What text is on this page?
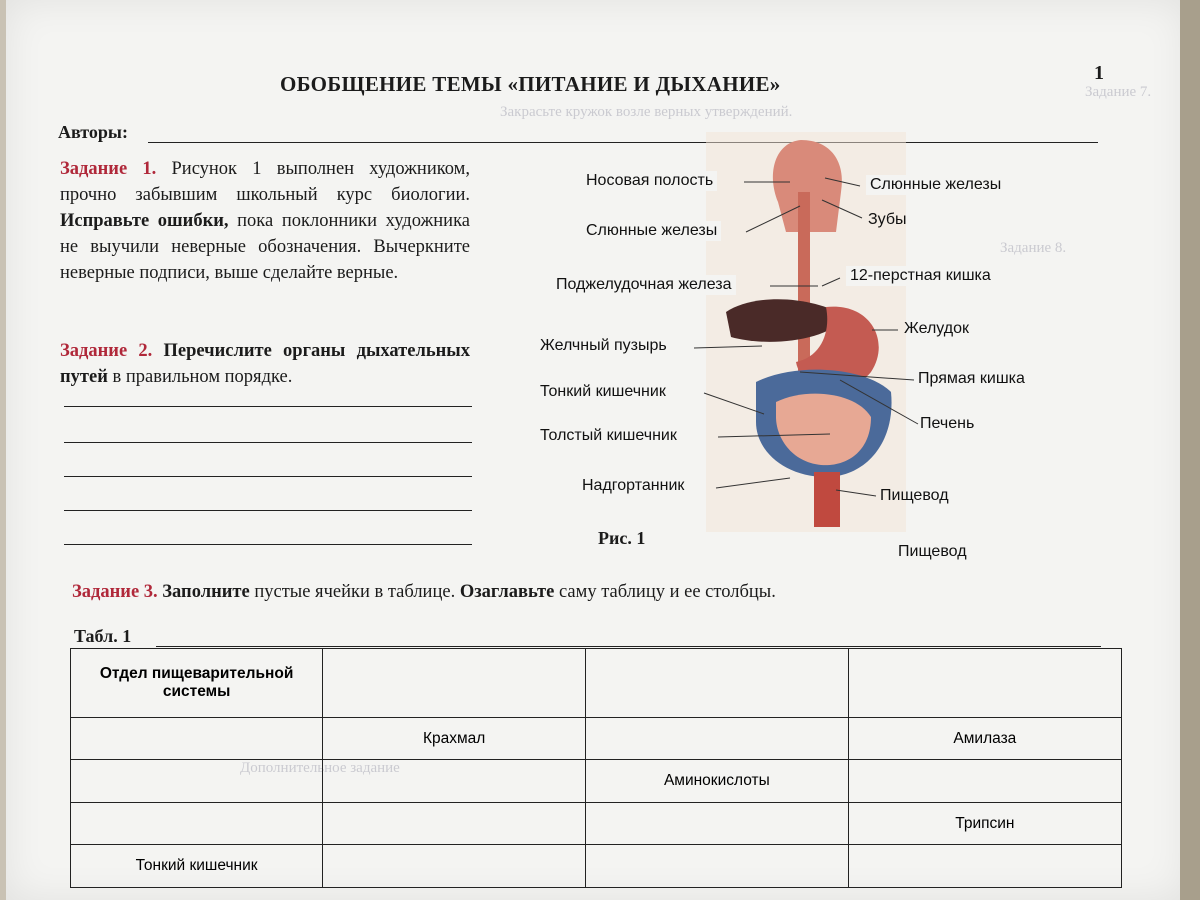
Задание 7.
Закрасьте кружок возле верных утверждений.
Задание 8.
Дополнительное задание
ОБОБЩЕНИЕ ТЕМЫ «ПИТАНИЕ И ДЫХАНИЕ»	1
Авторы:
Задание 1. Рисунок 1 выполнен художником, прочно забывшим школьный курс биологии. Исправьте ошибки, пока поклонники художника не выучили неверные обозначения. Вычеркните неверные подписи, выше сделайте верные.
Задание 2. Перечислите органы дыхательных путей в правильном порядке.
Носовая полость
Слюнные железы
Поджелудочная железа
Желчный пузырь
Тонкий кишечник
Толстый кишечник
Надгортанник
Слюнные железы
Зубы
12-перстная кишка
Желудок
Прямая кишка
Печень
Пищевод
Пищевод
Рис. 1
Задание 3. Заполните пустые ячейки в таблице. Озаглавьте саму таблицу и ее столбцы.
Табл. 1
Отдел пищеварительной системы			
	Крахмал		Амилаза
		Аминокислоты	
			Трипсин
Тонкий кишечник			
